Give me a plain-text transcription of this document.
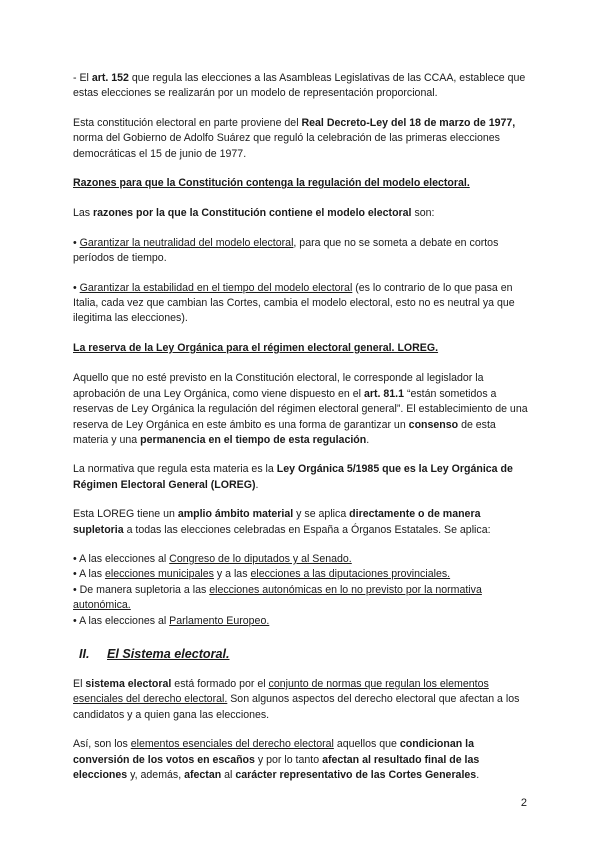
- El art. 152 que regula las elecciones a las Asambleas Legislativas de las CCAA, establece que estas elecciones se realizarán por un modelo de representación proporcional.

Esta constitución electoral en parte proviene del Real Decreto-Ley del 18 de marzo de 1977, norma del Gobierno de Adolfo Suárez que reguló la celebración de las primeras elecciones democráticas el 15 de junio de 1977.

Razones para que la Constitución contenga la regulación del modelo electoral.

Las razones por la que la Constitución contiene el modelo electoral son:

• Garantizar la neutralidad del modelo electoral, para que no se someta a debate en cortos períodos de tiempo.

• Garantizar la estabilidad en el tiempo del modelo electoral (es lo contrario de lo que pasa en Italia, cada vez que cambian las Cortes, cambia el modelo electoral, esto no es neutral ya que ilegitima las elecciones).

La reserva de la Ley Orgánica para el régimen electoral general. LOREG.

Aquello que no esté previsto en la Constitución electoral, le corresponde al legislador la aprobación de una Ley Orgánica, como viene dispuesto en el art. 81.1 “están sometidos a reservas de Ley Orgánica la regulación del régimen electoral general”. El establecimiento de una reserva de Ley Orgánica en este ámbito es una forma de garantizar un consenso de esta materia y una permanencia en el tiempo de esta regulación.

La normativa que regula esta materia es la Ley Orgánica 5/1985 que es la Ley Orgánica de Régimen Electoral General (LOREG).

Esta LOREG tiene un amplio ámbito material y se aplica directamente o de manera supletoria a todas las elecciones celebradas en España a Órganos Estatales. Se aplica:

• A las elecciones al Congreso de lo diputados y al Senado.

• A las elecciones municipales y a las elecciones a las diputaciones provinciales.

• De manera supletoria a las elecciones autonómicas en lo no previsto por la normativa autonómica.

• A las elecciones al Parlamento Europeo.

II. El Sistema electoral.

El sistema electoral está formado por el conjunto de normas que regulan los elementos esenciales del derecho electoral. Son algunos aspectos del derecho electoral que afectan a los candidatos y a quien gana las elecciones.

Así, son los elementos esenciales del derecho electoral aquellos que condicionan la conversión de los votos en escaños y por lo tanto afectan al resultado final de las elecciones y, además, afectan al carácter representativo de las Cortes Generales.

2
